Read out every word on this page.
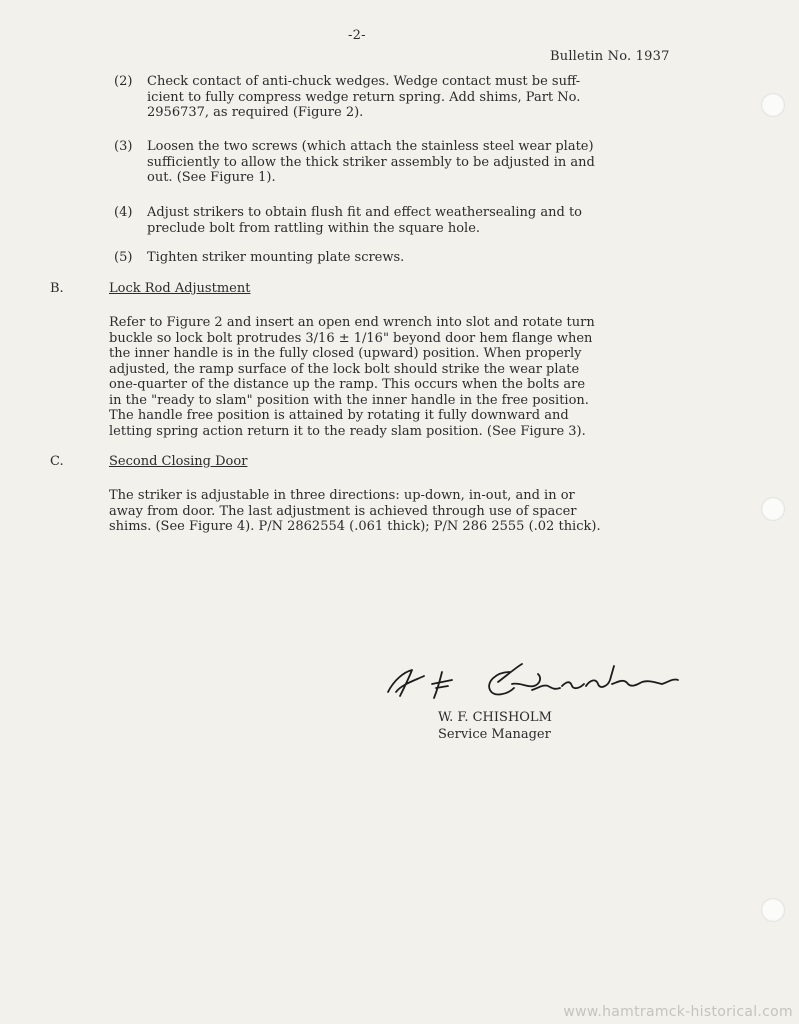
-2-
Bulletin No. 1937
(2) Check contact of anti-chuck wedges. Wedge contact must be suff-
icient to fully compress wedge return spring. Add shims, Part No.
2956737, as required (Figure 2).
(3) Loosen the two screws (which attach the stainless steel wear plate)
sufficiently to allow the thick striker assembly to be adjusted in and
out. (See Figure 1).
(4) Adjust strikers to obtain flush fit and effect weathersealing and to
preclude bolt from rattling within the square hole.
(5) Tighten striker mounting plate screws.
B.	Lock Rod Adjustment
Refer to Figure 2 and insert an open end wrench into slot and rotate turn
buckle so lock bolt protrudes 3/16 ± 1/16" beyond door hem flange when
the inner handle is in the fully closed (upward) position. When properly
adjusted, the ramp surface of the lock bolt should strike the wear plate
one-quarter of the distance up the ramp. This occurs when the bolts are
in the "ready to slam" position with the inner handle in the free position.
The handle free position is attained by rotating it fully downward and
letting spring action return it to the ready slam position. (See Figure 3).
C.	Second Closing Door
The striker is adjustable in three directions: up-down, in-out, and in or
away from door. The last adjustment is achieved through use of spacer
shims. (See Figure 4). P/N 2862554 (.061 thick); P/N 286 2555 (.02 thick).
W. F. CHISHOLM
Service Manager
www.hamtramck-historical.com
